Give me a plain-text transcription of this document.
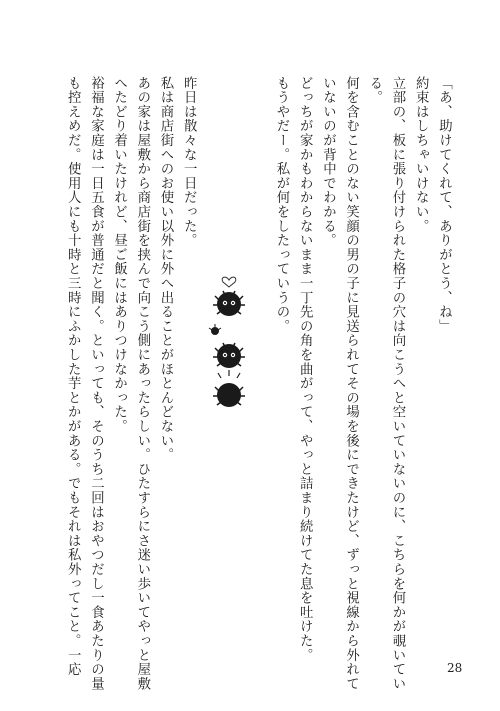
「あ、助けてくれて、ありがとう、ね」
約束はしちゃいけない。
立部の、板に張り付けられた格子の穴は向こうへと空いていないのに、こちらを何かが覗いてい
る。
何を含むことのない笑顔の男の子に見送られてその場を後にできたけど、ずっと視線から外れて
いないのが背中でわかる。
どっちが家かもわからないまま一丁先の角を曲がって、やっと詰まり続けてた息を吐けた。
もうやだー。私が何をしたっていうの。
昨日は散々な一日だった。
私は商店街へのお使い以外に外へ出ることがほとんどない。
あの家は屋敷から商店街を挟んで向こう側にあったらしい。ひたすらにさ迷い歩いてやっと屋敷
へたどり着いたけれど、昼ご飯にはありつけなかった。
裕福な家庭は一日五食が普通だと聞く。といっても、そのうち二回はおやつだし一食あたりの量
も控えめだ。使用人にも十時と三時にふかした芋とかがある。でもそれは私外ってこと。一応	28
